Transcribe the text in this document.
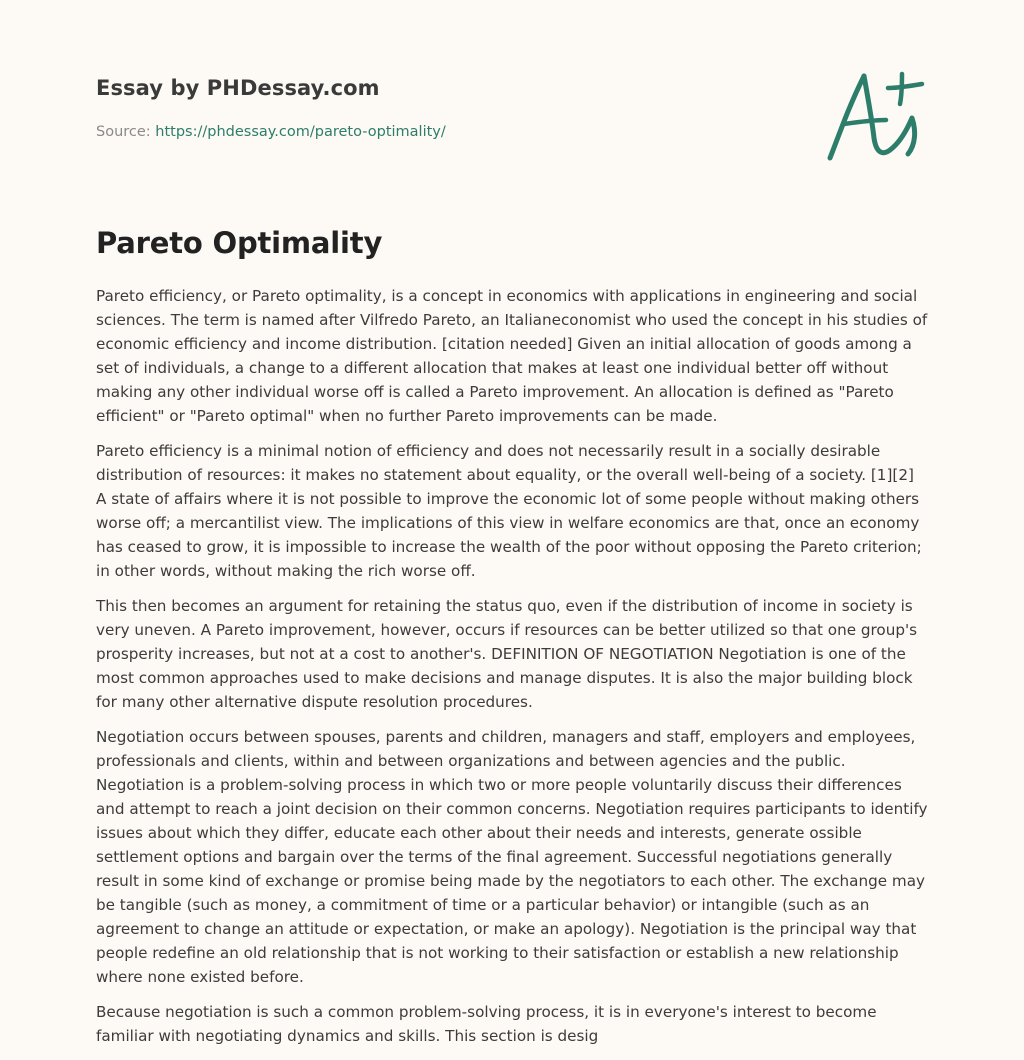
Essay by PHDessay.com
Source: https://phdessay.com/pareto-optimality/
Pareto Optimality

Pareto efficiency, or Pareto optimality, is a concept in economics with applications in engineering and social sciences. The term is named after Vilfredo Pareto, an Italianeconomist who used the concept in his studies of economic efficiency and income distribution. [citation needed] Given an initial allocation of goods among a set of individuals, a change to a different allocation that makes at least one individual better off without making any other individual worse off is called a Pareto improvement. An allocation is defined as "Pareto efficient" or "Pareto optimal" when no further Pareto improvements can be made.

Pareto efficiency is a minimal notion of efficiency and does not necessarily result in a socially desirable distribution of resources: it makes no statement about equality, or the overall well-being of a society. [1][2] A state of affairs where it is not possible to improve the economic lot of some people without making others worse off; a mercantilist view. The implications of this view in welfare economics are that, once an economy has ceased to grow, it is impossible to increase the wealth of the poor without opposing the Pareto criterion; in other words, without making the rich worse off.

This then becomes an argument for retaining the status quo, even if the distribution of income in society is very uneven. A Pareto improvement, however, occurs if resources can be better utilized so that one group's prosperity increases, but not at a cost to another's. DEFINITION OF NEGOTIATION Negotiation is one of the most common approaches used to make decisions and manage disputes. It is also the major building block for many other alternative dispute resolution procedures.

Negotiation occurs between spouses, parents and children, managers and staff, employers and employees, professionals and clients, within and between organizations and between agencies and the public. Negotiation is a problem-solving process in which two or more people voluntarily discuss their differences and attempt to reach a joint decision on their common concerns. Negotiation requires participants to identify issues about which they differ, educate each other about their needs and interests, generate ossible settlement options and bargain over the terms of the final agreement. Successful negotiations generally result in some kind of exchange or promise being made by the negotiators to each other. The exchange may be tangible (such as money, a commitment of time or a particular behavior) or intangible (such as an agreement to change an attitude or expectation, or make an apology). Negotiation is the principal way that people redefine an old relationship that is not working to their satisfaction or establish a new relationship where none existed before.

Because negotiation is such a common problem-solving process, it is in everyone's interest to become familiar with negotiating dynamics and skills. This section is desig
